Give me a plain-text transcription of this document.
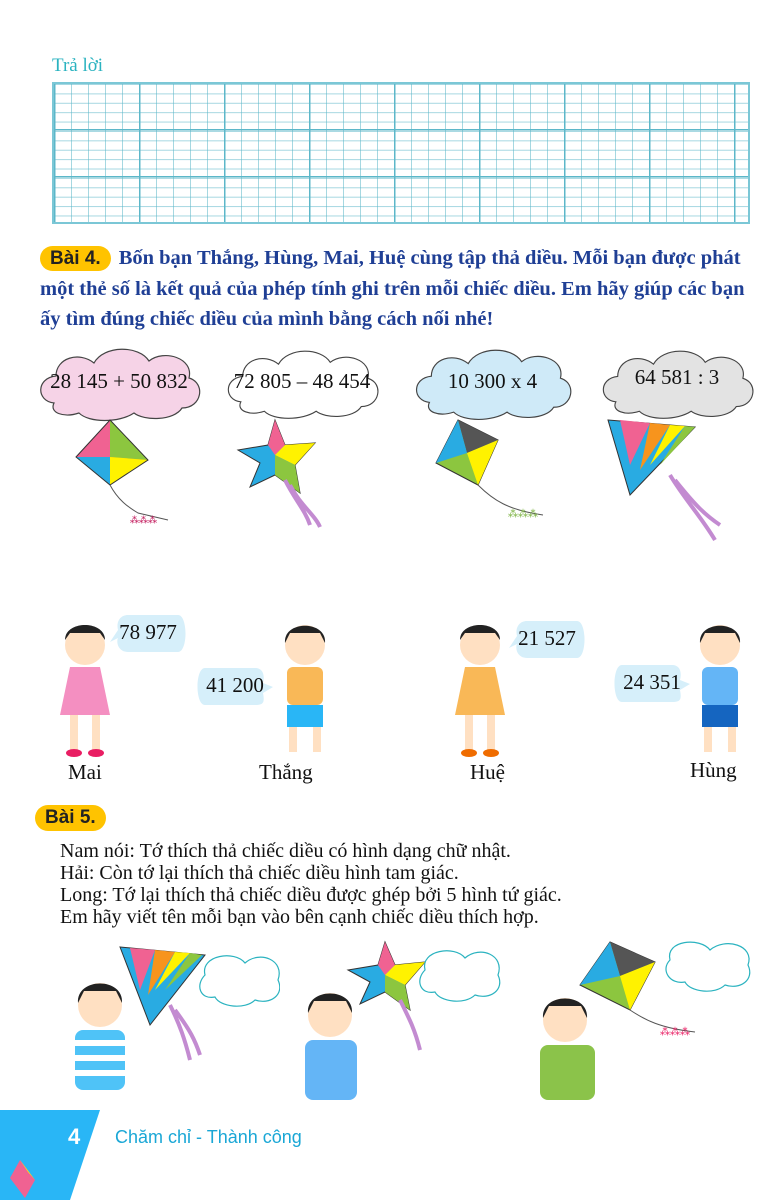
Trả lời
Bài 4. Bốn bạn Thắng, Hùng, Mai, Huệ cùng tập thả diều. Mỗi bạn được phát một thẻ số là kết quả của phép tính ghi trên mỗi chiếc diều. Em hãy giúp các bạn ấy tìm đúng chiếc diều của mình bằng cách nối nhé!
28 145 + 50 832	72 805 – 48 454	10 300 x 4	64 581 : 3
⁂⁂⁂
⁂⁂⁂
78 977
Mai
41 200
Thắng
21 527
Huệ
24 351
Hùng
Bài 5.
Nam nói: Tớ thích thả chiếc diều có hình dạng chữ nhật.
Hải: Còn tớ lại thích thả chiếc diều hình tam giác.
Long: Tớ lại thích thả chiếc diều được ghép bởi 5 hình tứ giác.
Em hãy viết tên mỗi bạn vào bên cạnh chiếc diều thích hợp.
⁂⁂⁂
4 Chăm chỉ - Thành công
